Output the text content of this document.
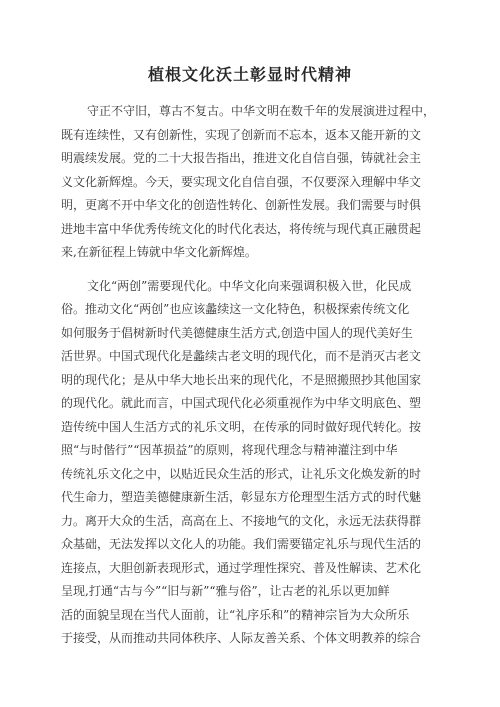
植根文化沃土彰显时代精神

守正不守旧，尊古不复古。中华文明在数千年的发展演进过程中，
既有连续性，又有创新性，实现了创新而不忘本，返本又能开新的文
明震续发展。党的二十大报告指出，推进文化自信自强，铸就社会主
义文化新辉煌。今天，要实现文化自信自强，不仅要深入理解中华文
明，更离不开中华文化的创造性转化、创新性发展。我们需要与时俱
进地丰富中华优秀传统文化的时代化表达，将传统与现代真正融贯起
来,在新征程上铸就中华文化新辉煌。

文化“两创”需要现代化。中华文化向来强调积极入世，化民成
俗。推动文化“两创”也应该蠡续这一文化特色，积极探索传统文化
如何服务于倡树新时代美德健康生活方式,创造中国人的现代美好生
活世界。中国式现代化是蠡续古老文明的现代化，而不是消灭古老文
明的现代化；是从中华大地长出来的现代化，不是照搬照抄其他国家
的现代化。就此而言，中国式现代化必须重视作为中华文明底色、塑
造传统中国人生活方式的礼乐文明，在传承的同时做好现代转化。按
照“与时偕行”“因革损益”的原则，将现代理念与精神灌注到中华
传统礼乐文化之中，以贴近民众生活的形式，让礼乐文化焕发新的时
代生命力，塑造美德健康新生活，彰显东方伦理型生活方式的时代魅
力。离开大众的生活，高高在上、不接地气的文化，永远无法获得群
众基础，无法发挥以文化人的功能。我们需要锚定礼乐与现代生活的
连接点，大胆创新表现形式，通过学理性探究、普及性解读、艺术化
呈现,打通“古与今”“旧与新”“雅与俗”，让古老的礼乐以更加鲜
活的面貌呈现在当代人面前，让“礼序乐和”的精神宗旨为大众所乐
于接受，从而推动共同体秩序、人际友善关系、个体文明教养的综合
